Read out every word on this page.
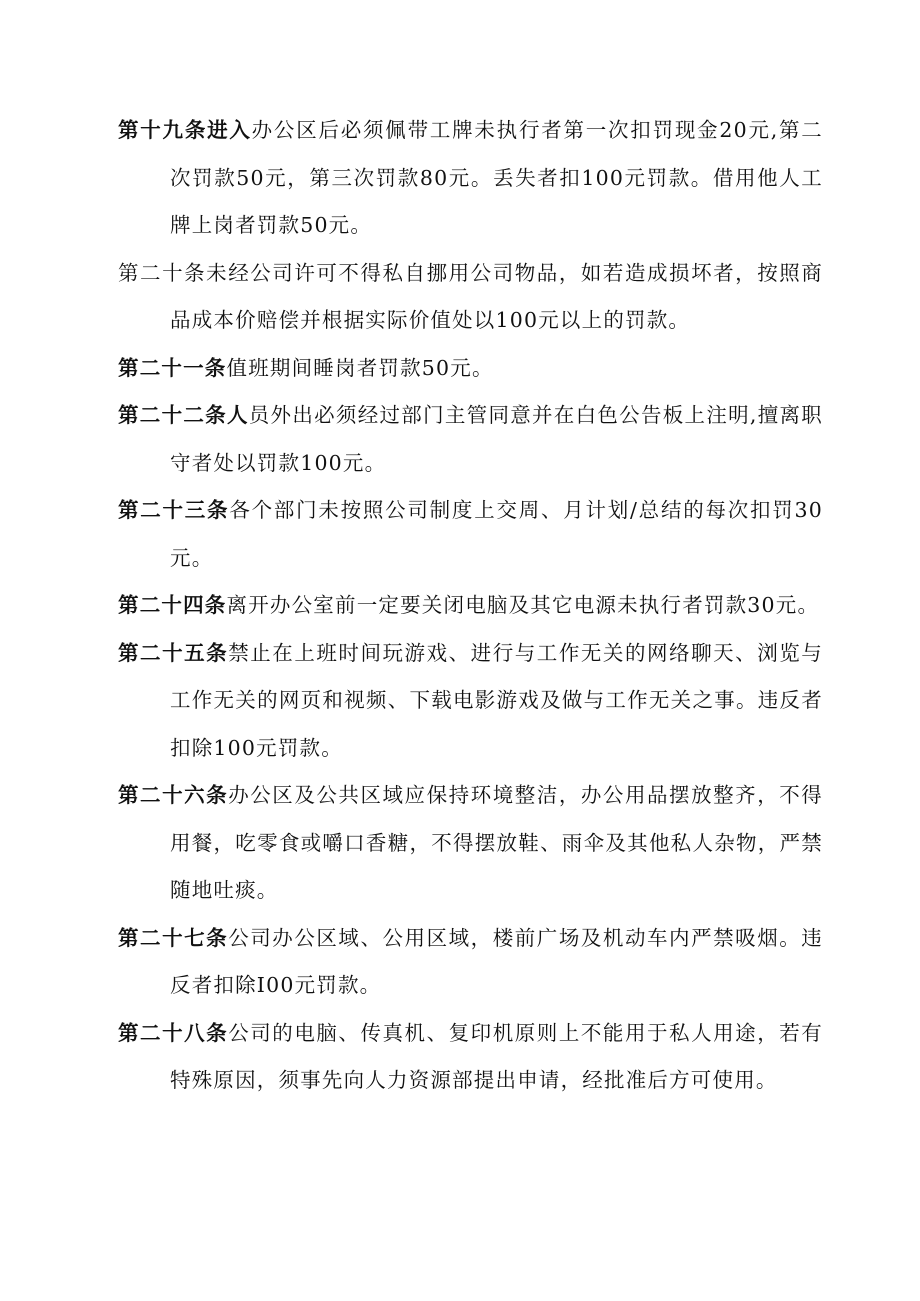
第十九条进入办公区后必须佩带工牌未执行者第一次扣罚现金20元,第二次罚款50元，第三次罚款80元。丢失者扣100元罚款。借用他人工牌上岗者罚款50元。

第二十条未经公司许可不得私自挪用公司物品，如若造成损坏者，按照商品成本价赔偿并根据实际价值处以100元以上的罚款。

第二十一条值班期间睡岗者罚款50元。

第二十二条人员外出必须经过部门主管同意并在白色公告板上注明,擅离职守者处以罚款100元。

第二十三条各个部门未按照公司制度上交周、月计划/总结的每次扣罚30元。

第二十四条离开办公室前一定要关闭电脑及其它电源未执行者罚款30元。

第二十五条禁止在上班时间玩游戏、进行与工作无关的网络聊天、浏览与工作无关的网页和视频、下载电影游戏及做与工作无关之事。违反者扣除100元罚款。

第二十六条办公区及公共区域应保持环境整洁，办公用品摆放整齐，不得用餐，吃零食或嚼口香糖，不得摆放鞋、雨伞及其他私人杂物，严禁随地吐痰。

第二十七条公司办公区域、公用区域，楼前广场及机动车内严禁吸烟。违反者扣除I00元罚款。

第二十八条公司的电脑、传真机、复印机原则上不能用于私人用途，若有特殊原因，须事先向人力资源部提出申请，经批准后方可使用。
